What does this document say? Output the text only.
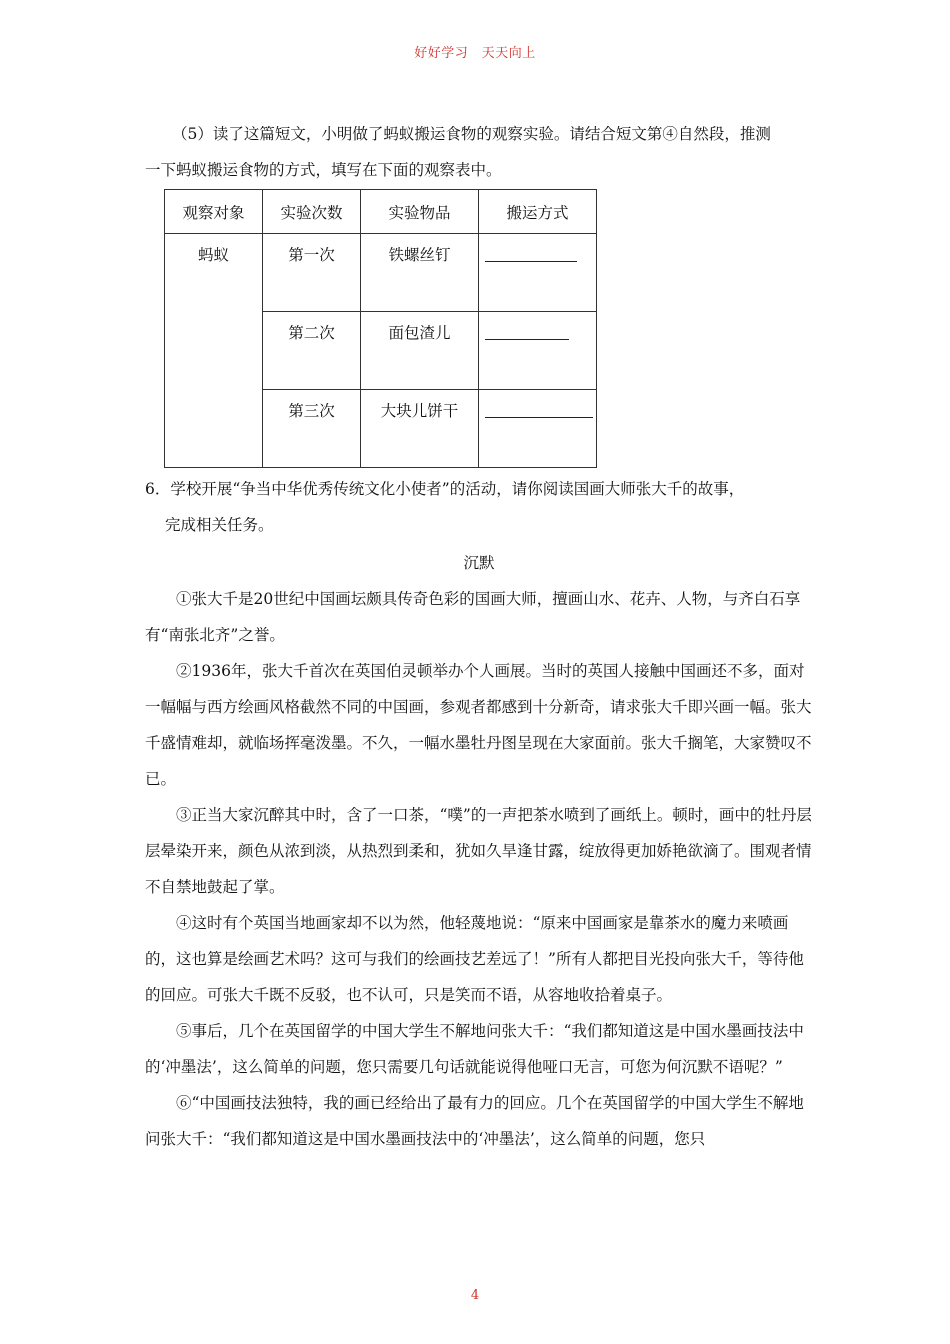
好好学习　天天向上

（5）读了这篇短文，小明做了蚂蚁搬运食物的观察实验。请结合短文第④自然段，推测

一下蚂蚁搬运食物的方式，填写在下面的观察表中。

观察对象	实验次数	实验物品	搬运方式
蚂蚁	第一次	铁螺丝钉	
	第二次	面包渣儿	
	第三次	大块儿饼干	

6．学校开展“争当中华优秀传统文化小使者”的活动，请你阅读国画大师张大千的故事，

完成相关任务。

沉默

①张大千是20世纪中国画坛颇具传奇色彩的国画大师，擅画山水、花卉、人物，与齐白石享有“南张北齐”之誉。

②1936年，张大千首次在英国伯灵顿举办个人画展。当时的英国人接触中国画还不多，面对一幅幅与西方绘画风格截然不同的中国画，参观者都感到十分新奇，请求张大千即兴画一幅。张大千盛情难却，就临场挥毫泼墨。不久，一幅水墨牡丹图呈现在大家面前。张大千搁笔，大家赞叹不已。

③正当大家沉醉其中时，含了一口茶，“噗”的一声把茶水喷到了画纸上。顿时，画中的牡丹层层晕染开来，颜色从浓到淡，从热烈到柔和，犹如久旱逢甘露，绽放得更加娇艳欲滴了。围观者情不自禁地鼓起了掌。

④这时有个英国当地画家却不以为然，他轻蔑地说：“原来中国画家是靠茶水的魔力来喷画的，这也算是绘画艺术吗？这可与我们的绘画技艺差远了！”所有人都把目光投向张大千，等待他的回应。可张大千既不反驳，也不认可，只是笑而不语，从容地收拾着桌子。

⑤事后，几个在英国留学的中国大学生不解地问张大千：“我们都知道这是中国水墨画技法中的‘冲墨法’，这么简单的问题，您只需要几句话就能说得他哑口无言，可您为何沉默不语呢？”

⑥“中国画技法独特，我的画已经给出了最有力的回应。几个在英国留学的中国大学生不解地问张大千：“我们都知道这是中国水墨画技法中的‘冲墨法’，这么简单的问题，您只

4
